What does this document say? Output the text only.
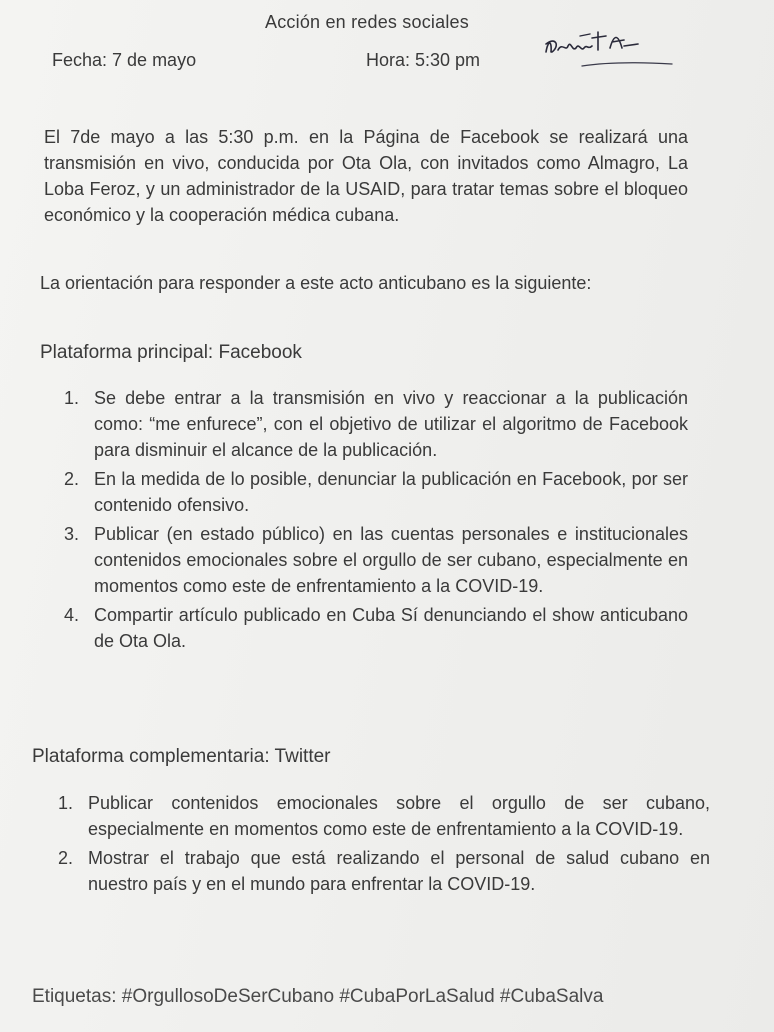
Acción en redes sociales
Fecha: 7 de mayo	Hora: 5:30 pm

El 7de mayo a las 5:30 p.m. en la Página de Facebook se realizará una transmisión en vivo, conducida por Ota Ola, con invitados como Almagro, La Loba Feroz, y un administrador de la USAID, para tratar temas sobre el bloqueo económico y la cooperación médica cubana.

La orientación para responder a este acto anticubano es la siguiente:

Plataforma principal: Facebook
1. Se debe entrar a la transmisión en vivo y reaccionar a la publicación como: “me enfurece”, con el objetivo de utilizar el algoritmo de Facebook para disminuir el alcance de la publicación.
2. En la medida de lo posible, denunciar la publicación en Facebook, por ser contenido ofensivo.
3. Publicar (en estado público) en las cuentas personales e institucionales contenidos emocionales sobre el orgullo de ser cubano, especialmente en momentos como este de enfrentamiento a la COVID-19.
4. Compartir artículo publicado en Cuba Sí denunciando el show anticubano de Ota Ola.
Plataforma complementaria: Twitter
1. Publicar contenidos emocionales sobre el orgullo de ser cubano, especialmente en momentos como este de enfrentamiento a la COVID-19.
2. Mostrar el trabajo que está realizando el personal de salud cubano en nuestro país y en el mundo para enfrentar la COVID-19.
Etiquetas: #OrgullosoDeSerCubano #CubaPorLaSalud #CubaSalva
